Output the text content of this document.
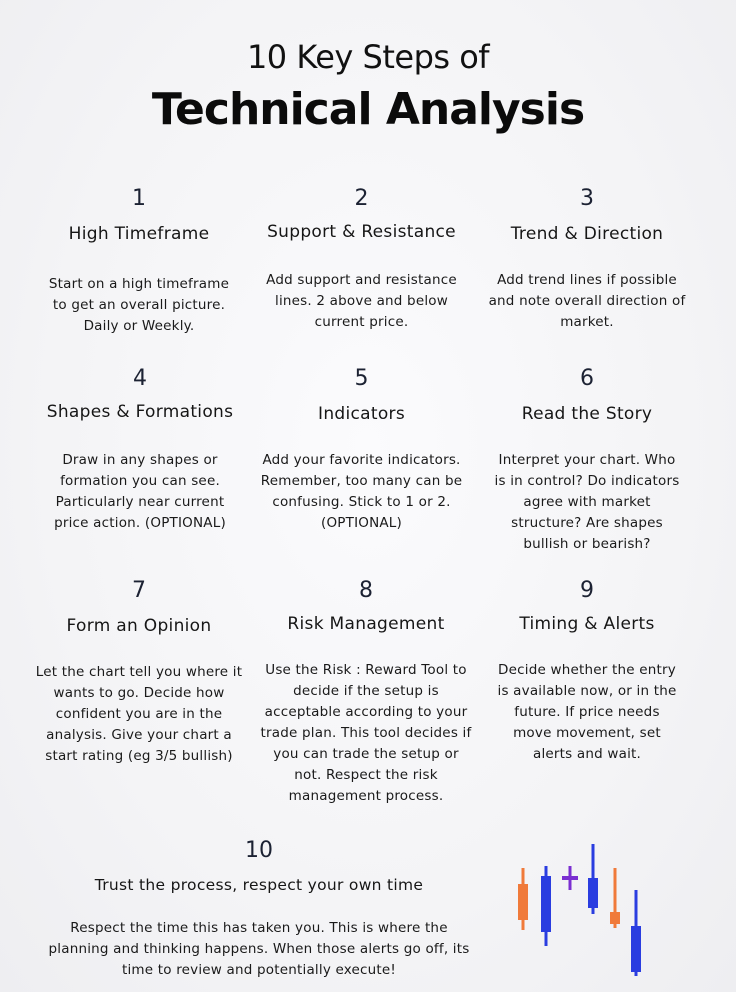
10 Key Steps of
Technical Analysis
1
High Timeframe
Start on a high timeframe to get an overall picture. Daily or Weekly.
2
Support & Resistance
Add support and resistance lines. 2 above and below current price.
3
Trend & Direction
Add trend lines if possible and note overall direction of market.
4
Shapes & Formations
Draw in any shapes or formation you can see. Particularly near current price action. (OPTIONAL)
5
Indicators
Add your favorite indicators. Remember, too many can be confusing. Stick to 1 or 2. (OPTIONAL)
6
Read the Story
Interpret your chart. Who is in control? Do indicators agree with market structure? Are shapes bullish or bearish?
7
Form an Opinion
Let the chart tell you where it wants to go. Decide how confident you are in the analysis. Give your chart a start rating (eg 3/5 bullish)
8
Risk Management
Use the Risk : Reward Tool to decide if the setup is acceptable according to your trade plan. This tool decides if you can trade the setup or not. Respect the risk management process.
9
Timing & Alerts
Decide whether the entry is available now, or in the future. If price needs move movement, set alerts and wait.
10
Trust the process, respect your own time
Respect the time this has taken you. This is where the planning and thinking happens. When those alerts go off, its time to review and potentially execute!
